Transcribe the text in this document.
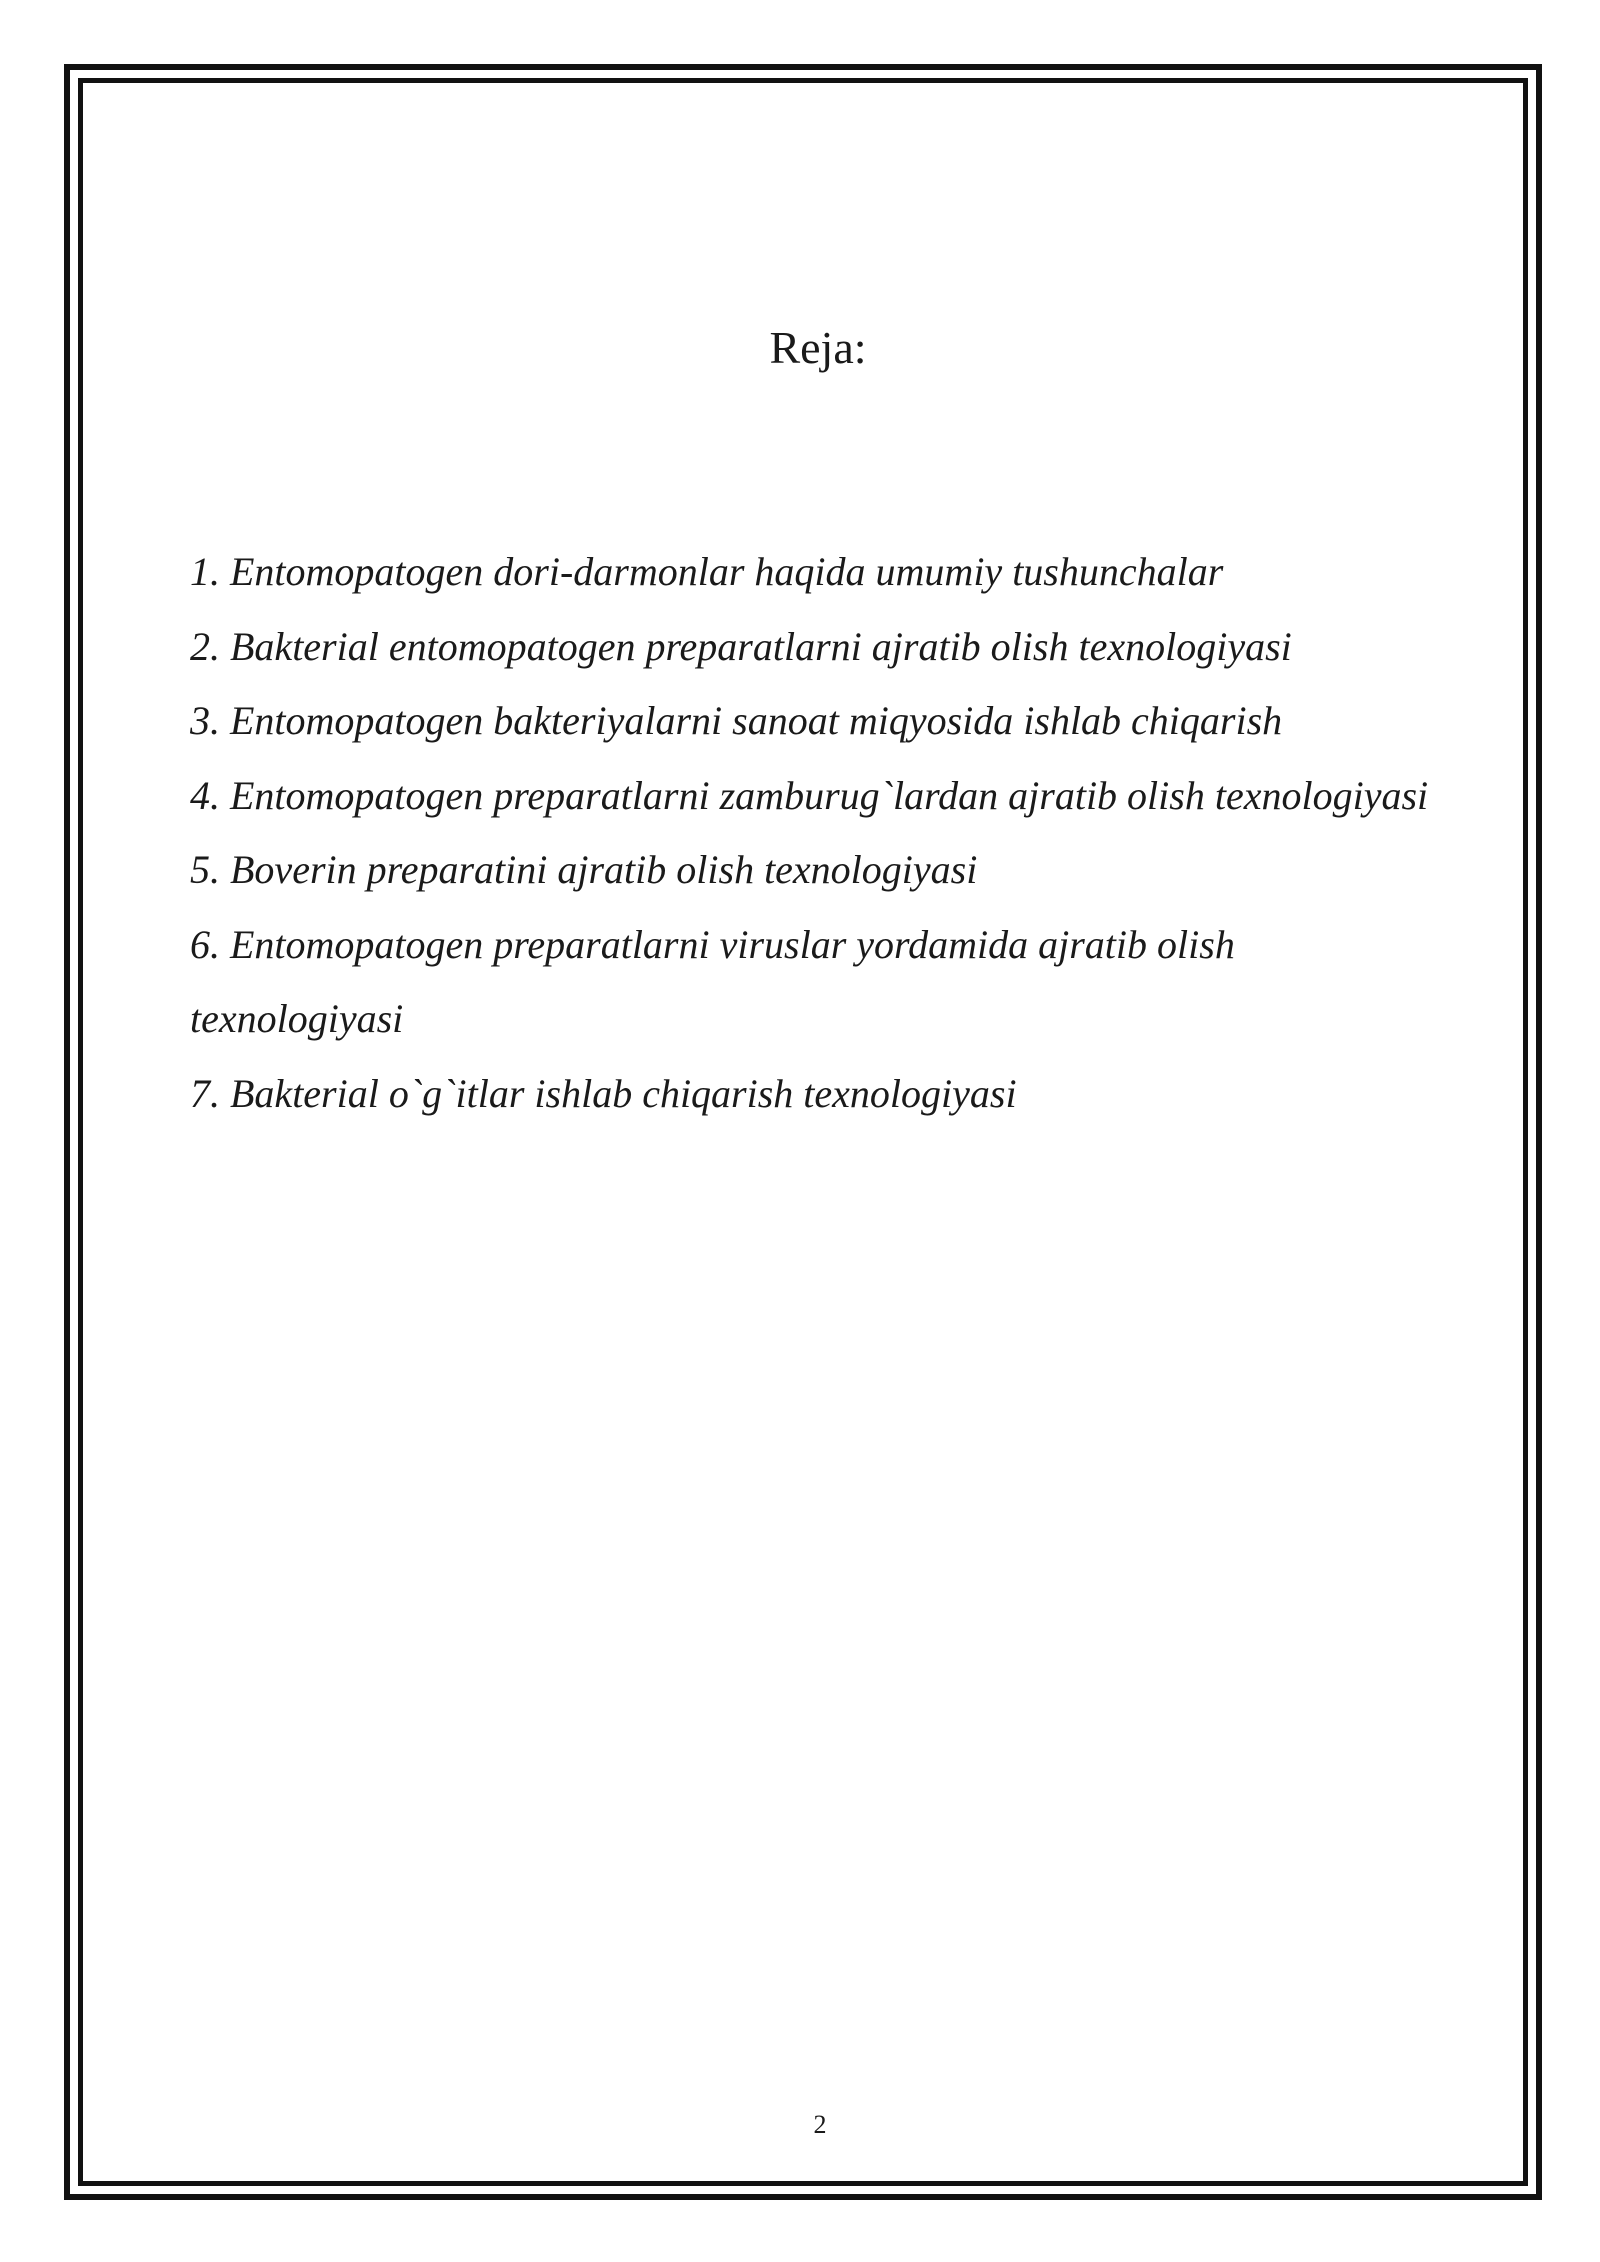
Reja:
1. Entomopatogen dori-darmonlar haqida umumiy tushunchalar
2. Bakterial entomopatogen preparatlarni ajratib olish texnologiyasi
3. Entomopatogen bakteriyalarni sanoat miqyosida ishlab chiqarish
4. Entomopatogen preparatlarni zamburug`lardan ajratib olish texnologiyasi
5. Boverin preparatini ajratib olish texnologiyasi
6. Entomopatogen preparatlarni viruslar yordamida ajratib olish texnologiyasi
7. Bakterial o`g`itlar ishlab chiqarish texnologiyasi
2
